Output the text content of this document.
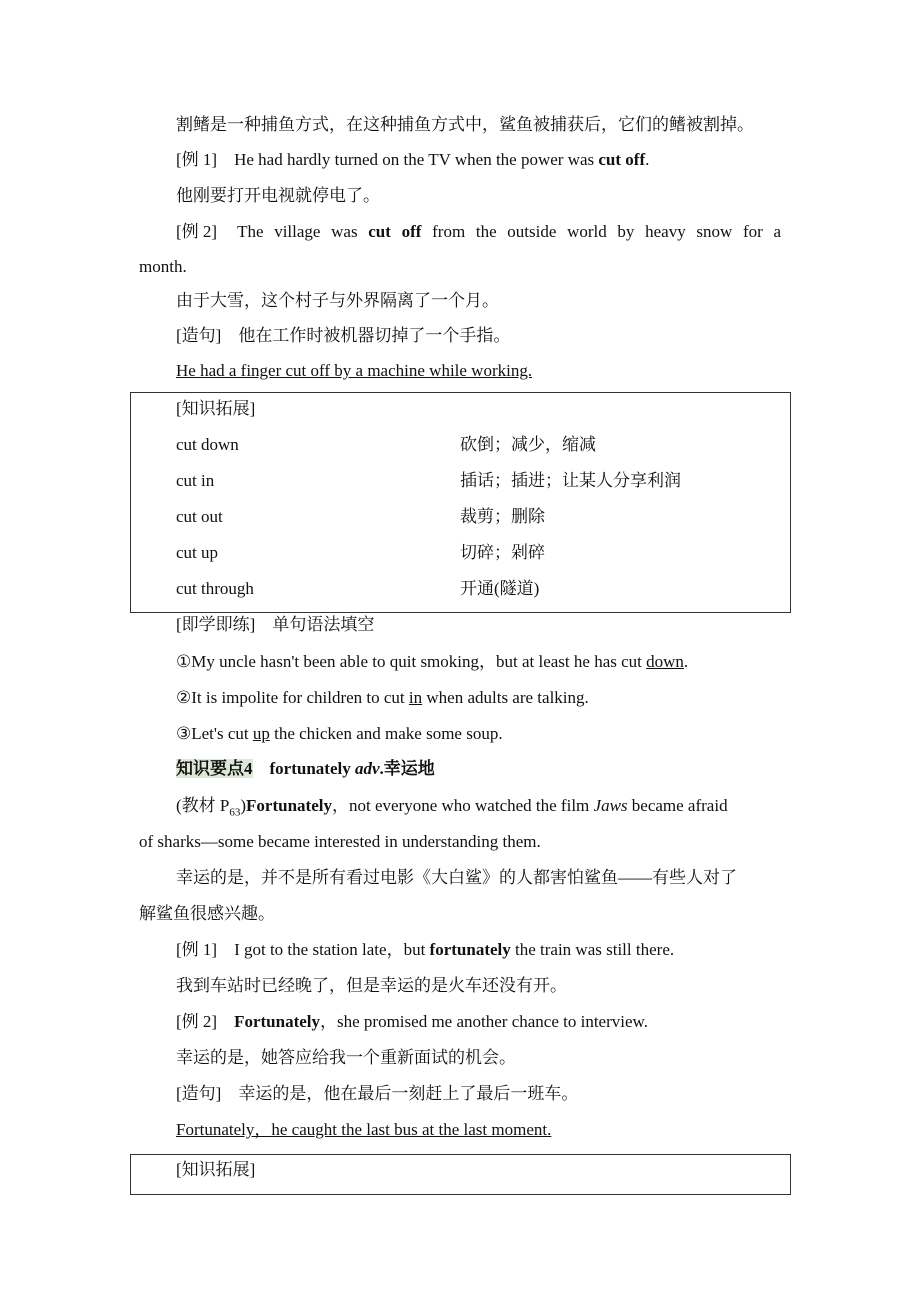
割鳍是一种捕鱼方式，在这种捕鱼方式中，鲨鱼被捕获后，它们的鳍被割掉。
[例 1] He had hardly turned on the TV when the power was cut off.
他刚要打开电视就停电了。
[例 2] The village was cut off from the outside world by heavy snow for a
month.
由于大雪，这个村子与外界隔离了一个月。
[造句] 他在工作时被机器切掉了一个手指。
He had a finger cut off by a machine while working.
[知识拓展]
cut down	砍倒；减少，缩减
cut in	插话；插进；让某人分享利润
cut out	裁剪；删除
cut up	切碎；剁碎
cut through	开通(隧道)
[即学即练] 单句语法填空
①My uncle hasn't been able to quit smoking，but at least he has cut down.
②It is impolite for children to cut in when adults are talking.
③Let's cut up the chicken and make some soup.
知识要点4 fortunately adv.幸运地
(教材 $P_{63})Fortunately$，not everyone who watched the film Jaws became afraid
of sharks—some became interested in understanding them.
幸运的是，并不是所有看过电影《大白鲨》的人都害怕鲨鱼——有些人对了
解鲨鱼很感兴趣。
[例 1] I got to the station late，but fortunately the train was still there.
我到车站时已经晚了，但是幸运的是火车还没有开。
[例 2] Fortunately，she promised me another chance to interview.
幸运的是，她答应给我一个重新面试的机会。
[造句] 幸运的是，他在最后一刻赶上了最后一班车。
Fortunately，he caught the last bus at the last moment.
[知识拓展]
